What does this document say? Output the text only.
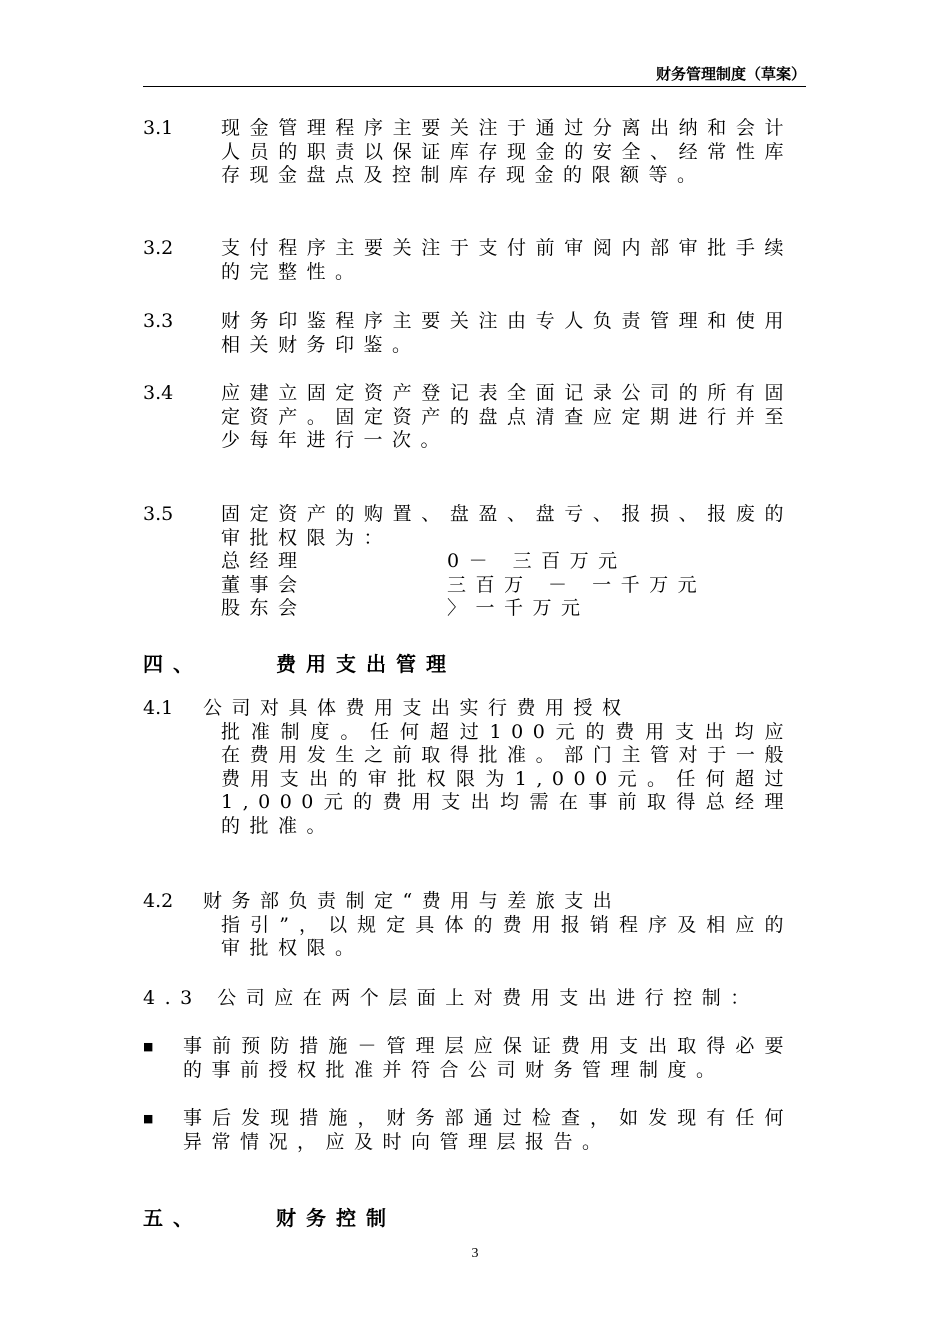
财务管理制度（草案）
3.1	现金管理程序主要关注于通过分离出纳和会计人员的职责以保证库存现金的安全、经常性库存现金盘点及控制库存现金的限额等。
3.2	支付程序主要关注于支付前审阅内部审批手续的完整性。
3.3	财务印鉴程序主要关注由专人负责管理和使用相关财务印鉴。
3.4	应建立固定资产登记表全面记录公司的所有固定资产。固定资产的盘点清查应定期进行并至少每年进行一次。
3.5	固定资产的购置、盘盈、盘亏、报损、报废的审批权限为：
总经理	0－ 三百万元
董事会	三百万 － 一千万元
股东会	〉一千万元
四、	费用支出管理
4.1	公司对具体费用支出实行费用授权
批准制度。任何超过100元的费用支出均应在费用发生之前取得批准。部门主管对于一般费用支出的审批权限为1,000元。任何超过1,000元的费用支出均需在事前取得总经理的批准。
4.2	财务部负责制定“费用与差旅支出
指引”，以规定具体的费用报销程序及相应的审批权限。
4.3 公司应在两个层面上对费用支出进行控制：
■ 事前预防措施－管理层应保证费用支出取得必要的事前授权批准并符合公司财务管理制度。
■ 事后发现措施，财务部通过检查，如发现有任何异常情况，应及时向管理层报告。
五、	财务控制
3
